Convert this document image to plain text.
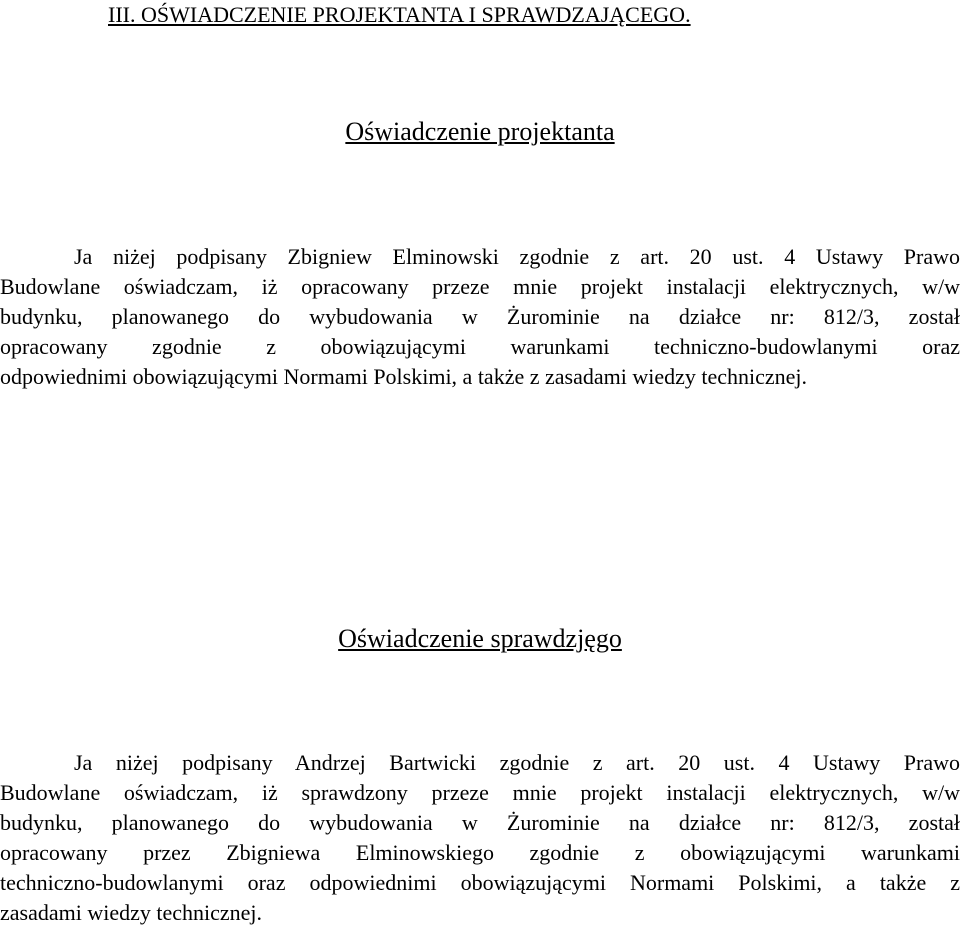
III. OŚWIADCZENIE PROJEKTANTA I SPRAWDZAJĄCEGO.
Oświadczenie projektanta
Ja niżej podpisany Zbigniew Elminowski zgodnie z art. 20 ust. 4 Ustawy Prawo
Budowlane oświadczam, iż opracowany przeze mnie projekt instalacji elektrycznych, w/w
budynku, planowanego do wybudowania w Żurominie na działce nr: 812/3, został
opracowany zgodnie z obowiązującymi warunkami techniczno-budowlanymi oraz
odpowiednimi obowiązującymi Normami Polskimi, a także z zasadami wiedzy technicznej.
Oświadczenie sprawdzjęgo
Ja niżej podpisany Andrzej Bartwicki zgodnie z art. 20 ust. 4 Ustawy Prawo
Budowlane oświadczam, iż sprawdzony przeze mnie projekt instalacji elektrycznych, w/w
budynku, planowanego do wybudowania w Żurominie na działce nr: 812/3, został
opracowany przez Zbigniewa Elminowskiego zgodnie z obowiązującymi warunkami
techniczno-budowlanymi oraz odpowiednimi obowiązującymi Normami Polskimi, a także z
zasadami wiedzy technicznej.
